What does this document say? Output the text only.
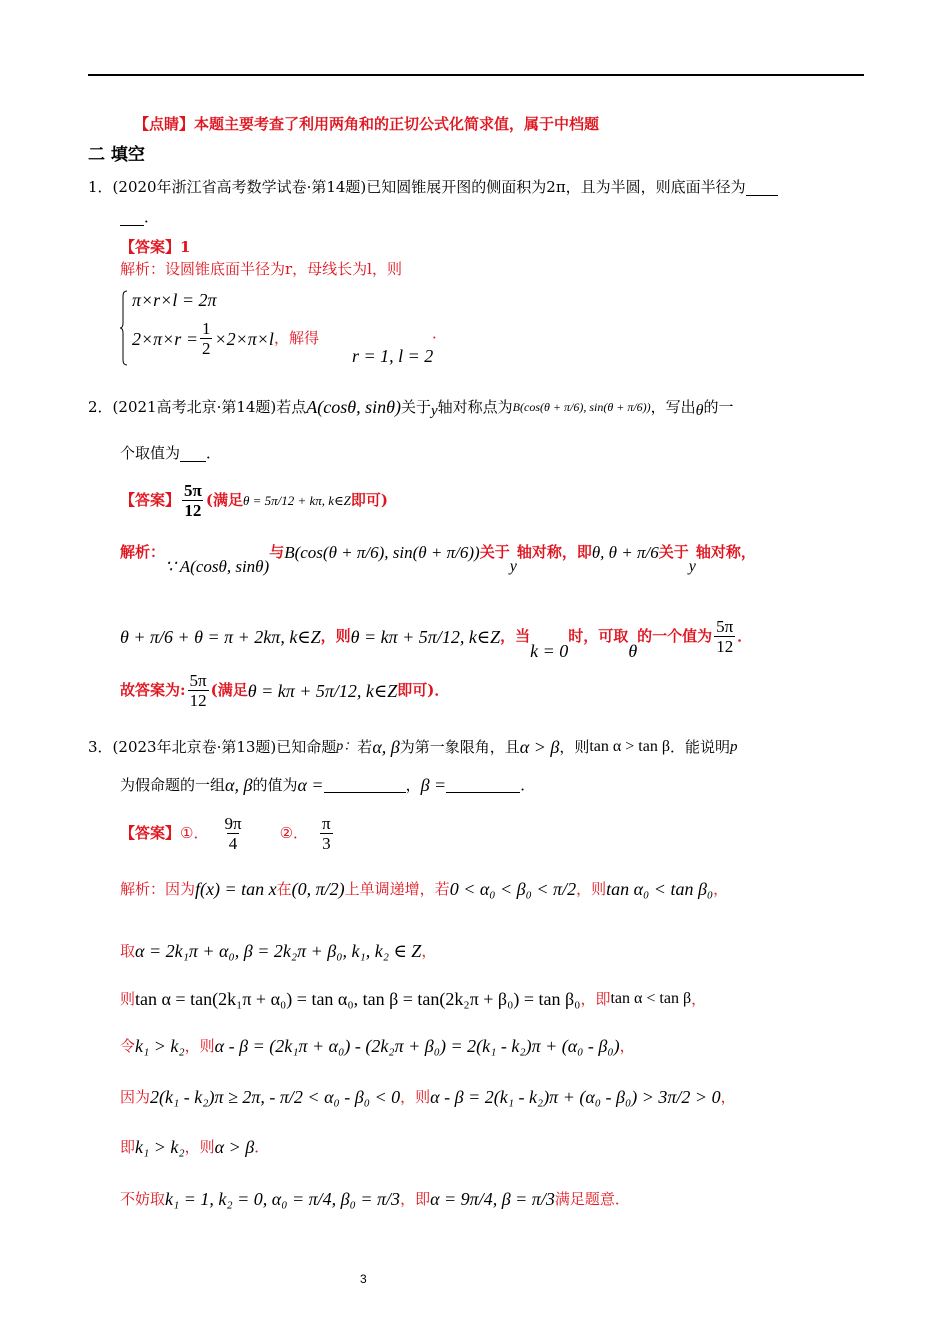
【点睛】本题主要考查了利用两角和的正切公式化简求值，属于中档题
二 填空
1．(2020年浙江省高考数学试卷·第14题)已知圆锥展开图的侧面积为2π，且为半圆，则底面半径为
．
【答案】1
解析：设圆锥底面半径为r，母线长为l，则
π×r×l = 2π
$2\times\pi\times r = \frac{1}{2} \times 2\times\pi\times l$ ，解得
r = 1, l = 2
．
2． (2021高考北京·第14题) 若点 A(cosθ, sinθ) 关于 y 轴对称点为 B(cos(θ + π/6), sin(θ + π/6)) ，写出 θ 的一
个取值为 ．
【答案】 $\frac{5\pi}{12}$ (满足 θ = 5π/12 + kπ, k∈Z 即可)
解析：
∵ A(cosθ, sinθ)
与 B(cos(θ + π/6), sin(θ + π/6)) 关于
y
轴对称，即 θ, θ + π/6 关于
y
轴对称，
θ + π/6 + θ = π + 2kπ, k∈Z ，则 θ = kπ + 5π/12, k∈Z ，当
k = 0
时，可取
θ
的一个值为 $\frac{5\pi}{12}$ ．
故答案为: $\frac{5\pi}{12}$ (满足 θ = kπ + 5π/12, k∈Z 即可)．
3． (2023年北京卷·第13题) 已知命题 p： 若 α, β 为第一象限角，且 α > β ，则 tan α > tan β ．能说明 p
为假命题的一组 α, β 的值为 α =	， β =	．
【答案】 ①． $\frac{9\pi}{4}$ ②． $\frac{\pi}{3}$
解析：因为 f(x) = tan x 在 (0, π/2) 上单调递增，若 0 < α₀ < β₀ < π/2 ，则 tan α₀ < tan β₀ ，
取 α = 2k₁π + α₀, β = 2k₂π + β₀, k₁, k₂ ∈ Z ，
则 tan α = tan(2k₁π + α₀) = tan α₀, tan β = tan(2k₂π + β₀) = tan β₀ ，即 tan α < tan β ，
令 k₁ > k₂ ，则 α - β = (2k₁π + α₀) - (2k₂π + β₀) = 2(k₁ - k₂)π + (α₀ - β₀) ，
因为 2(k₁ - k₂)π ≥ 2π, - π/2 < α₀ - β₀ < 0 ，则 α - β = 2(k₁ - k₂)π + (α₀ - β₀) > 3π/2 > 0 ，
即 k₁ > k₂ ，则 α > β ．
不妨取 k₁ = 1, k₂ = 0, α₀ = π/4, β₀ = π/3 ，即 α = 9π/4, β = π/3 满足题意．
3
